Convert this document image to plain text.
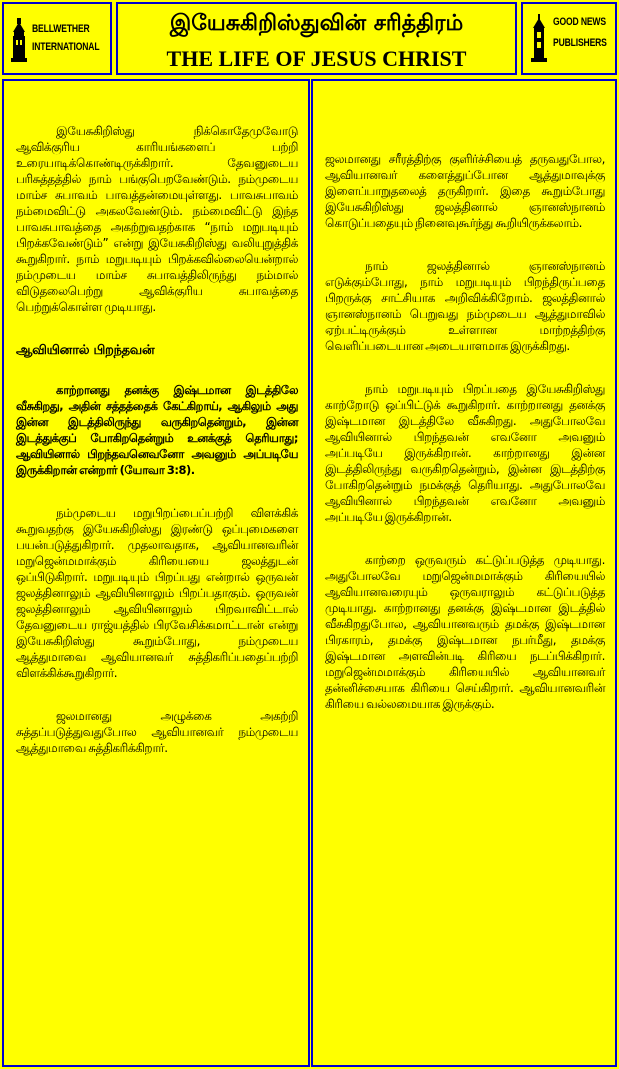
BELLWETHER
INTERNATIONAL
இயேசுகிறிஸ்துவின் சரித்திரம்
THE LIFE OF JESUS CHRIST
GOOD NEWS
PUBLISHERS

இயேசுகிறிஸ்து நிக்கொதேமுவோடு ஆவிக்குரிய காரியங்களைப் பற்றி உரையாடிக்கொண்டிருக்கிறார். தேவனுடைய பரிசுத்தத்தில் நாம் பங்குபெறவேண்டும். நம்முடைய மாம்ச சுபாவம் பாவத்தன்மையுள்ளது. பாவசுபாவம் நம்மைவிட்டு அகலவேண்டும். நம்மைவிட்டு இந்த பாவசுபாவத்தை அகற்றுவதற்காக “நாம் மறுபடியும் பிறக்கவேண்டும்” என்று இயேசுகிறிஸ்து வலியுறுத்திக் கூறுகிறார். நாம் மறுபடியும் பிறக்கவில்லையென்றால் நம்முடைய மாம்ச சுபாவத்திலிருந்து நம்மால் விடுதலைபெற்று ஆவிக்குரிய சுபாவத்தை பெற்றுக்கொள்ள முடியாது.

ஆவியினால் பிறந்தவன்

காற்றானது தனக்கு இஷ்டமான இடத்திலே வீசுகிறது, அதின் சத்தத்தைக் கேட்கிறாய், ஆகிலும் அது இன்ன இடத்திலிருந்து வருகிறதென்றும், இன்ன இடத்துக்குப் போகிறதென்றும் உனக்குத் தெரியாது; ஆவியினால் பிறந்தவனெவனோ அவனும் அப்படியே இருக்கிறான் என்றார் (யோவா 3:8).

நம்முடைய மறுபிறப்பைப்பற்றி விளக்கிக் கூறுவதற்கு இயேசுகிறிஸ்து இரண்டு ஒப்புமைகளை பயன்படுத்துகிறார். முதலாவதாக, ஆவியானவரின் மறுஜென்மமாக்கும் கிரியையை ஜலத்துடன் ஒப்பிடுகிறார். மறுபடியும் பிறப்பது என்றால் ஒருவன் ஜலத்தினாலும் ஆவியினாலும் பிறப்பதாகும். ஒருவன் ஜலத்தினாலும் ஆவியினாலும் பிறவாவிட்டால் தேவனுடைய ராஜ்யத்தில் பிரவேசிக்கமாட்டான் என்று இயேசுகிறிஸ்து கூறும்போது, நம்முடைய ஆத்துமாவை ஆவியானவர் சுத்திகரிப்பதைப்பற்றி விளக்கிக்கூறுகிறார்.

ஜலமானது அழுக்கை அகற்றி சுத்தப்படுத்துவதுபோல ஆவியானவர் நம்முடைய ஆத்துமாவை சுத்திகரிக்கிறார்.

ஜலமானது சரீரத்திற்கு குளிர்ச்சியைத் தருவதுபோல, ஆவியானவர் களைத்துப்போன ஆத்துமாவுக்கு இளைப்பாறுதலைத் தருகிறார். இதை கூறும்போது இயேசுகிறிஸ்து ஜலத்தினால் ஞானஸ்நானம் கொடுப்பதையும் நினைவுகூர்ந்து கூறியிருக்கலாம்.

நாம் ஜலத்தினால் ஞானஸ்நானம் எடுக்கும்போது, நாம் மறுபடியும் பிறந்திருப்பதை பிறருக்கு சாட்சியாக அறிவிக்கிறோம். ஜலத்தினால் ஞானஸ்நானம் பெறுவது நம்முடைய ஆத்துமாவில் ஏற்பட்டிருக்கும் உள்ளான மாற்றத்திற்கு வெளிப்படையான அடையாளமாக இருக்கிறது.

நாம் மறுபடியும் பிறப்பதை இயேசுகிறிஸ்து காற்றோடு ஒப்பிட்டுக் கூறுகிறார். காற்றானது தனக்கு இஷ்டமான இடத்திலே வீசுகிறது. அதுபோலவே ஆவியினால் பிறந்தவன் எவனோ அவனும் அப்படியே இருக்கிறான். காற்றானது இன்ன இடத்திலிருந்து வருகிறதென்றும், இன்ன இடத்திற்கு போகிறதென்றும் நமக்குத் தெரியாது. அதுபோலவே ஆவியினால் பிறந்தவன் எவனோ அவனும் அப்படியே இருக்கிறான்.

காற்றை ஒருவரும் கட்டுப்படுத்த முடியாது. அதுபோலவே மறுஜென்மமாக்கும் கிரியையில் ஆவியானவரையும் ஒருவராலும் கட்டுப்படுத்த முடியாது. காற்றானது தனக்கு இஷ்டமான இடத்தில் வீசுகிறதுபோல, ஆவியானவரும் தமக்கு இஷ்டமான பிரகாரம், தமக்கு இஷ்டமான நபர்மீது, தமக்கு இஷ்டமான அளவின்படி கிரியை நடப்பிக்கிறார். மறுஜென்மமாக்கும் கிரியையில் ஆவியானவர் தன்னிச்சையாக கிரியை செய்கிறார். ஆவியானவரின் கிரியை வல்லமையாக இருக்கும்.
